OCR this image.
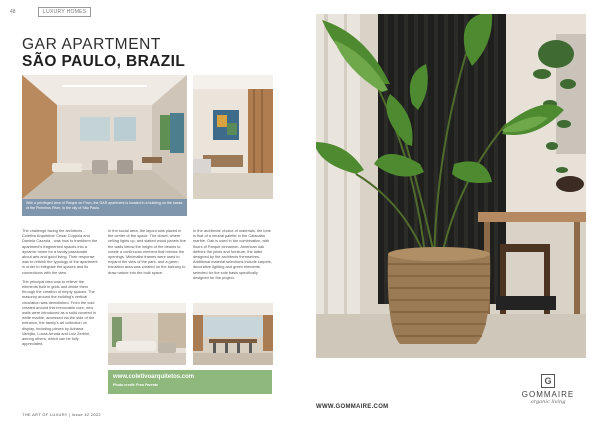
48	LUXURY HOMES
GAR APARTMENT
SÃO PAULO, BRAZIL
With a privileged view of Parque do Povo, the GAR apartment is located in a building on the banks of the Pinheiros River, in the city of São Paulo.

The challenge facing the architects - Coletivo Arquitetos' Cesar Coppola and Daniela Cazzola - was how to transform the apartment's fragmented spaces into a dynamic home for a family passionate about arts and good living. Their response was to rethink the typology of the apartment in order to integrate the spaces and its connections with the view.

The principal idea was to relieve the elements built in grids and divide them through the creation of empty spaces. The masonry around the building's vertical circulation was demolished. From the void created around this immovable core, new walls were introduced as a solid covered in white marble, accessed via the side of the entrance, the family's art collection on display, including pieces by Adriana Varejão, Lucas Arruda and Luiz Zerbini, among others, which can be fully appreciated.

In the social area, the layout was placed in the center of the space. The closet, where ceiling lights up, and slatted wood panels line the walls below the height of the beams to create a continuous element that mimics the openings. Minimalist frames were used to expand the view of the park, and a green transition area was created on the balcony to draw nature into the built space.

In the architects' choice of materials, the tone is that of a neutral palette in the Calacatta marble. Oak is used in the combination, with floors of Parque cinnamon. American oak defines the joints and furniture, the latter designed by the architects themselves. Additional material selections include carpets, decorative lighting and green elements selected for the sole basis specifically designed for the project.

www.coletivoarquitetos.com
Photo credit: Fran Parente
THE ART OF LUXURY | Issue 42 2022
WWW.GOMMAIRE.COM
G
GOMMAIRE
organic living
